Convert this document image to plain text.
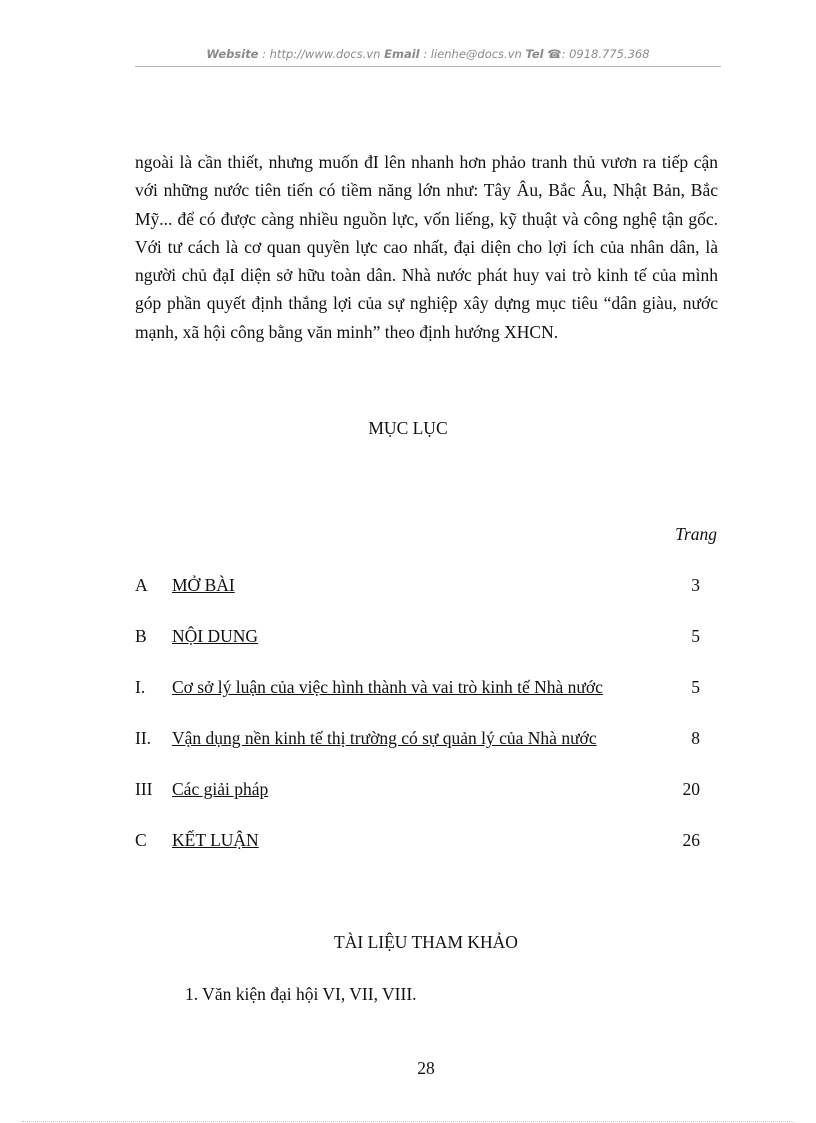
Website : http://www.docs.vn Email : lienhe@docs.vn Tel ☎: 0918.775.368

ngoài là cần thiết, nhưng muốn đI lên nhanh hơn phảo tranh thủ vươn ra tiếp cận với những nước tiên tiến có tiềm năng lớn như: Tây Âu, Bắc Âu, Nhật Bản, Bắc Mỹ... để có được càng nhiều nguồn lực, vốn liếng, kỹ thuật và công nghệ tận gốc. Với tư cách là cơ quan quyền lực cao nhất, đại diện cho lợi ích của nhân dân, là người chủ đạI diện sở hữu toàn dân. Nhà nước phát huy vai trò kinh tế của mình góp phần quyết định thắng lợi của sự nghiệp xây dựng mục tiêu “dân giàu, nước mạnh, xã hội công bằng văn minh” theo định hướng XHCN.

MỤC LỤC
Trang
A MỞ BÀI	3
B NỘI DUNG	5
I. Cơ sở lý luận của việc hình thành và vai trò kinh tế Nhà nước	5
II. Vận dụng nền kinh tế thị trường có sự quản lý của Nhà nước	8
III Các giải pháp	20
C KẾT LUẬN	26
TÀI LIỆU THAM KHẢO
1. Văn kiện đại hội VI, VII, VIII.
28
